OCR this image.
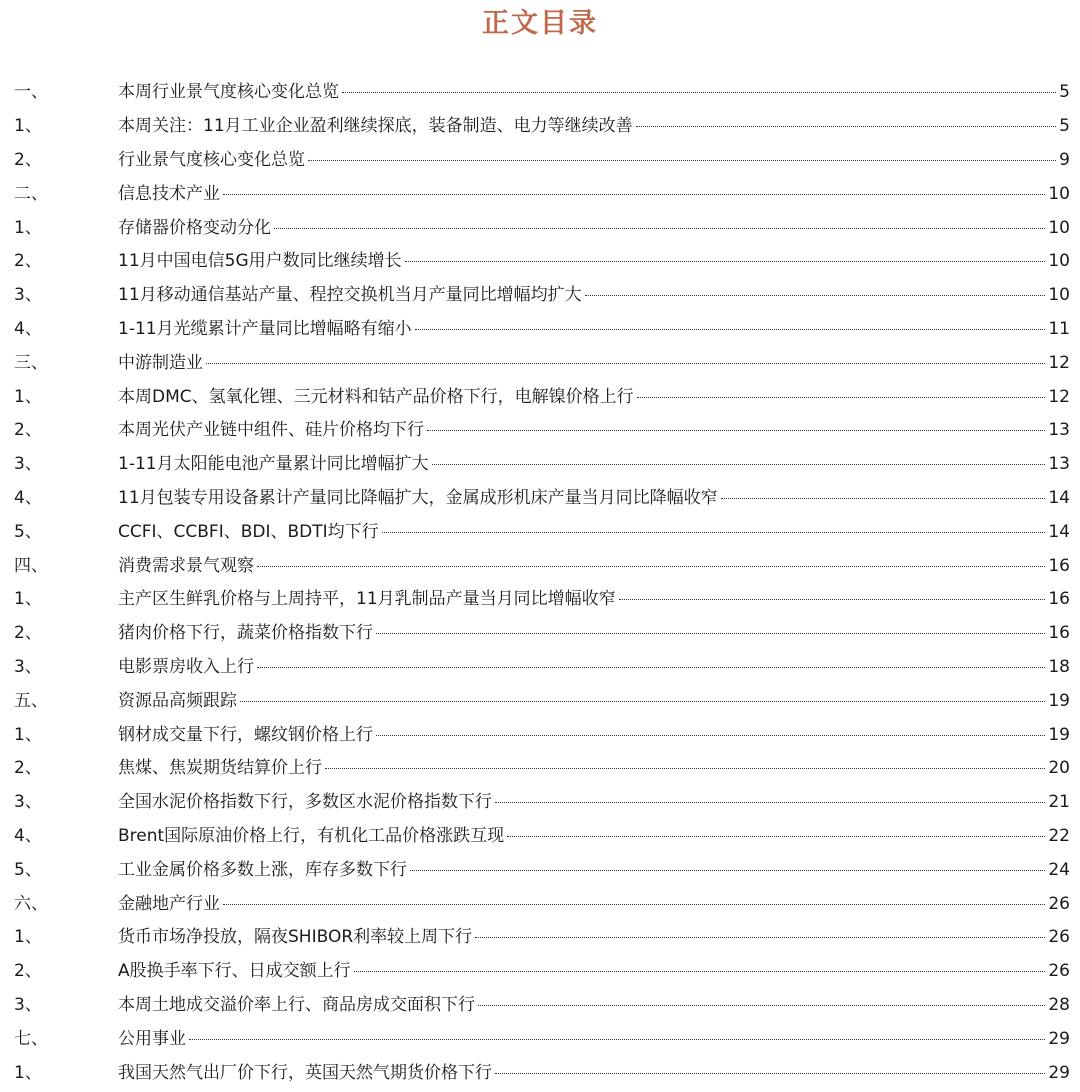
正文目录
一、	本周行业景气度核心变化总览	5
1、	本周关注：11月工业企业盈利继续探底，装备制造、电力等继续改善	5
2、	行业景气度核心变化总览	9
二、	信息技术产业	10
1、	存储器价格变动分化	10
2、	11月中国电信5G用户数同比继续增长	10
3、	11月移动通信基站产量、程控交换机当月产量同比增幅均扩大	10
4、	1-11月光缆累计产量同比增幅略有缩小	11
三、	中游制造业	12
1、	本周DMC、氢氧化锂、三元材料和钴产品价格下行，电解镍价格上行	12
2、	本周光伏产业链中组件、硅片价格均下行	13
3、	1-11月太阳能电池产量累计同比增幅扩大	13
4、	11月包装专用设备累计产量同比降幅扩大，金属成形机床产量当月同比降幅收窄	14
5、	CCFI、CCBFI、BDI、BDTI均下行	14
四、	消费需求景气观察	16
1、	主产区生鲜乳价格与上周持平，11月乳制品产量当月同比增幅收窄	16
2、	猪肉价格下行，蔬菜价格指数下行	16
3、	电影票房收入上行	18
五、	资源品高频跟踪	19
1、	钢材成交量下行，螺纹钢价格上行	19
2、	焦煤、焦炭期货结算价上行	20
3、	全国水泥价格指数下行，多数区水泥价格指数下行	21
4、	Brent国际原油价格上行，有机化工品价格涨跌互现	22
5、	工业金属价格多数上涨，库存多数下行	24
六、	金融地产行业	26
1、	货币市场净投放，隔夜SHIBOR利率较上周下行	26
2、	A股换手率下行、日成交额上行	26
3、	本周土地成交溢价率上行、商品房成交面积下行	28
七、	公用事业	29
1、	我国天然气出厂价下行，英国天然气期货价格下行	29
